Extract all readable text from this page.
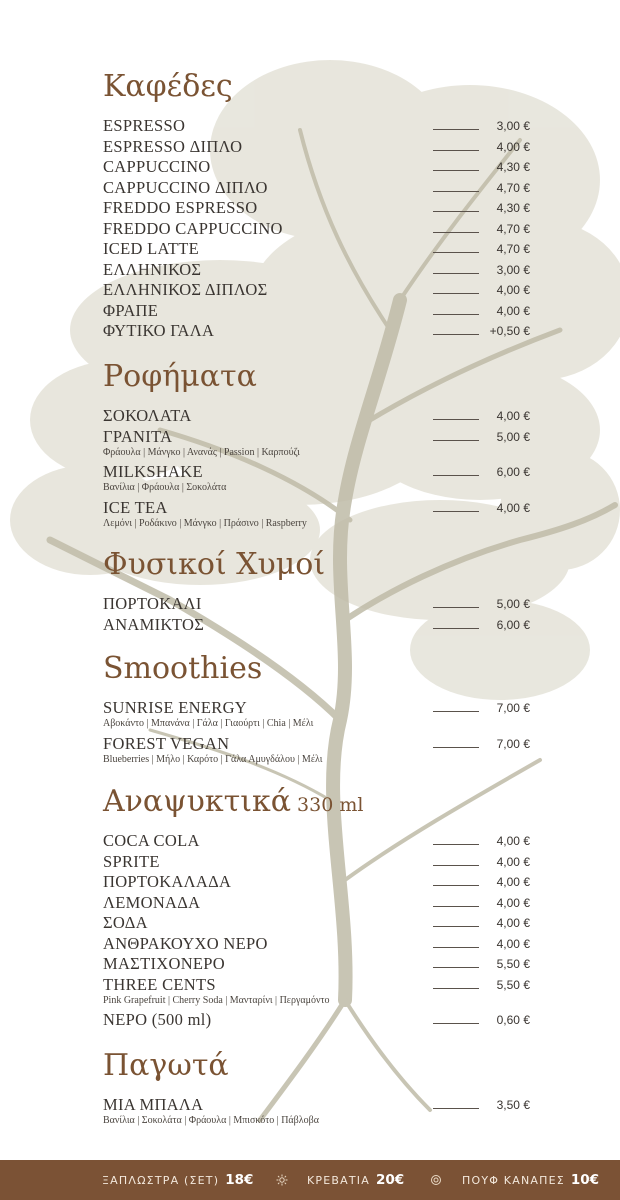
Καφέδες
ESPRESSO	3,00 €
ESPRESSO ΔΙΠΛΟ	4,00 €
CAPPUCCINO	4,30 €
CAPPUCCINO ΔΙΠΛΟ	4,70 €
FREDDO ESPRESSO	4,30 €
FREDDO CAPPUCCINO	4,70 €
ICED LATTE	4,70 €
ΕΛΛΗΝΙΚΟΣ	3,00 €
ΕΛΛΗΝΙΚΟΣ ΔΙΠΛΟΣ	4,00 €
ΦΡΑΠΕ	4,00 €
ΦΥΤΙΚΟ ΓΑΛΑ	+0,50 €
Ροφήματα
ΣΟΚΟΛΑΤΑ	4,00 €
ΓΡΑΝΙΤΑ	5,00 €
Φράουλα | Μάνγκο | Ανανάς | Passion | Καρπούζι
MILKSHAKE	6,00 €
Βανίλια | Φράουλα | Σοκολάτα
ICE TEA	4,00 €
Λεμόνι | Ροδάκινο | Μάνγκο | Πράσινο | Raspberry
Φυσικοί Χυμοί
ΠΟΡΤΟΚΑΛΙ	5,00 €
ΑΝΑΜΙΚΤΟΣ	6,00 €
Smoothies
SUNRISE ENERGY	7,00 €
Αβοκάντο | Μπανάνα | Γάλα | Γιαούρτι | Chia | Μέλι
FOREST VEGAN	7,00 €
Blueberries | Μήλο | Καρότο | Γάλα Αμυγδάλου | Μέλι
Αναψυκτικά 330 ml
COCA COLA	4,00 €
SPRITE	4,00 €
ΠΟΡΤΟΚΑΛΑΔΑ	4,00 €
ΛΕΜΟΝΑΔΑ	4,00 €
ΣΟΔΑ	4,00 €
ΑΝΘΡΑΚΟΥΧΟ ΝΕΡΟ	4,00 €
ΜΑΣΤΙΧΟΝΕΡΟ	5,50 €
THREE CENTS	5,50 €
Pink Grapefruit | Cherry Soda | Μανταρίνι | Περγαμόντο
ΝΕΡΟ (500 ml)	0,60 €
Παγωτά
ΜΙΑ ΜΠΑΛΑ	3,50 €
Βανίλια | Σοκολάτα | Φράουλα | Μπισκότο | Πάβλοβα
ΞΑΠΛΩΣΤΡΑ (ΣΕΤ) 18€	ΚΡΕΒΑΤΙΑ 20€	ΠΟΥΦ ΚΑΝΑΠΕΣ 10€
